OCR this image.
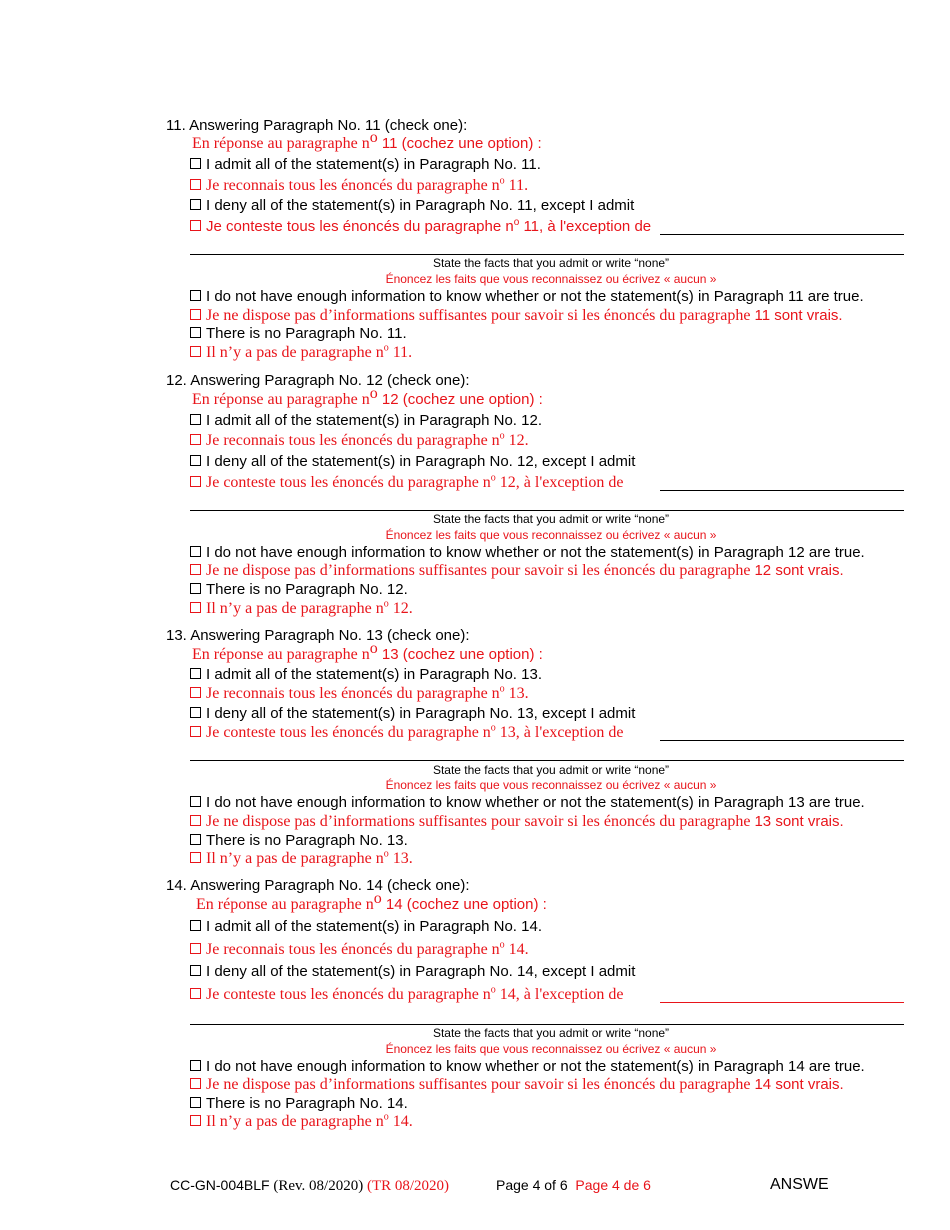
11. Answering Paragraph No. 11 (check one):
En réponse au paragraphe $n^o$ 11 (cochez une option) :
I admit all of the statement(s) in Paragraph No. 11.
Je reconnais tous les énoncés du paragraphe $n^o$ 11.
I deny all of the statement(s) in Paragraph No. 11, except I admit
Je conteste tous les énoncés du paragraphe $n^o$ 11, à l'exception de
State the facts that you admit or write “none”
Énoncez les faits que vous reconnaissez ou écrivez « aucun »
I do not have enough information to know whether or not the statement(s) in Paragraph 11 are true.
Je ne dispose pas d’informations suffisantes pour savoir si les énoncés du paragraphe 11 sont vrais.
There is no Paragraph No. 11.
Il n’y a pas de paragraphe $n^o$ 11.
12. Answering Paragraph No. 12 (check one):
En réponse au paragraphe $n^o$ 12 (cochez une option) :
I admit all of the statement(s) in Paragraph No. 12.
Je reconnais tous les énoncés du paragraphe $n^o$ 12.
I deny all of the statement(s) in Paragraph No. 12, except I admit
Je conteste tous les énoncés du paragraphe $n^o$ 12, à l'exception de
State the facts that you admit or write “none”
Énoncez les faits que vous reconnaissez ou écrivez « aucun »
I do not have enough information to know whether or not the statement(s) in Paragraph 12 are true.
Je ne dispose pas d’informations suffisantes pour savoir si les énoncés du paragraphe 12 sont vrais.
There is no Paragraph No. 12.
Il n’y a pas de paragraphe $n^o$ 12.
13. Answering Paragraph No. 13 (check one):
En réponse au paragraphe $n^o$ 13 (cochez une option) :
I admit all of the statement(s) in Paragraph No. 13.
Je reconnais tous les énoncés du paragraphe $n^o$ 13.
I deny all of the statement(s) in Paragraph No. 13, except I admit
Je conteste tous les énoncés du paragraphe $n^o$ 13, à l'exception de
State the facts that you admit or write “none”
Énoncez les faits que vous reconnaissez ou écrivez « aucun »
I do not have enough information to know whether or not the statement(s) in Paragraph 13 are true.
Je ne dispose pas d’informations suffisantes pour savoir si les énoncés du paragraphe 13 sont vrais.
There is no Paragraph No. 13.
Il n’y a pas de paragraphe $n^o$ 13.
14. Answering Paragraph No. 14 (check one):
En réponse au paragraphe $n^o$ 14 (cochez une option) :
I admit all of the statement(s) in Paragraph No. 14.
Je reconnais tous les énoncés du paragraphe $n^o$ 14.
I deny all of the statement(s) in Paragraph No. 14, except I admit
Je conteste tous les énoncés du paragraphe $n^o$ 14, à l'exception de
State the facts that you admit or write “none”
Énoncez les faits que vous reconnaissez ou écrivez « aucun »
I do not have enough information to know whether or not the statement(s) in Paragraph 14 are true.
Je ne dispose pas d’informations suffisantes pour savoir si les énoncés du paragraphe 14 sont vrais.
There is no Paragraph No. 14.
Il n’y a pas de paragraphe $n^o$ 14.
CC-GN-004BLF (Rev. 08/2020) (TR 08/2020)	Page 4 of 6 Page 4 de 6	ANSWE
